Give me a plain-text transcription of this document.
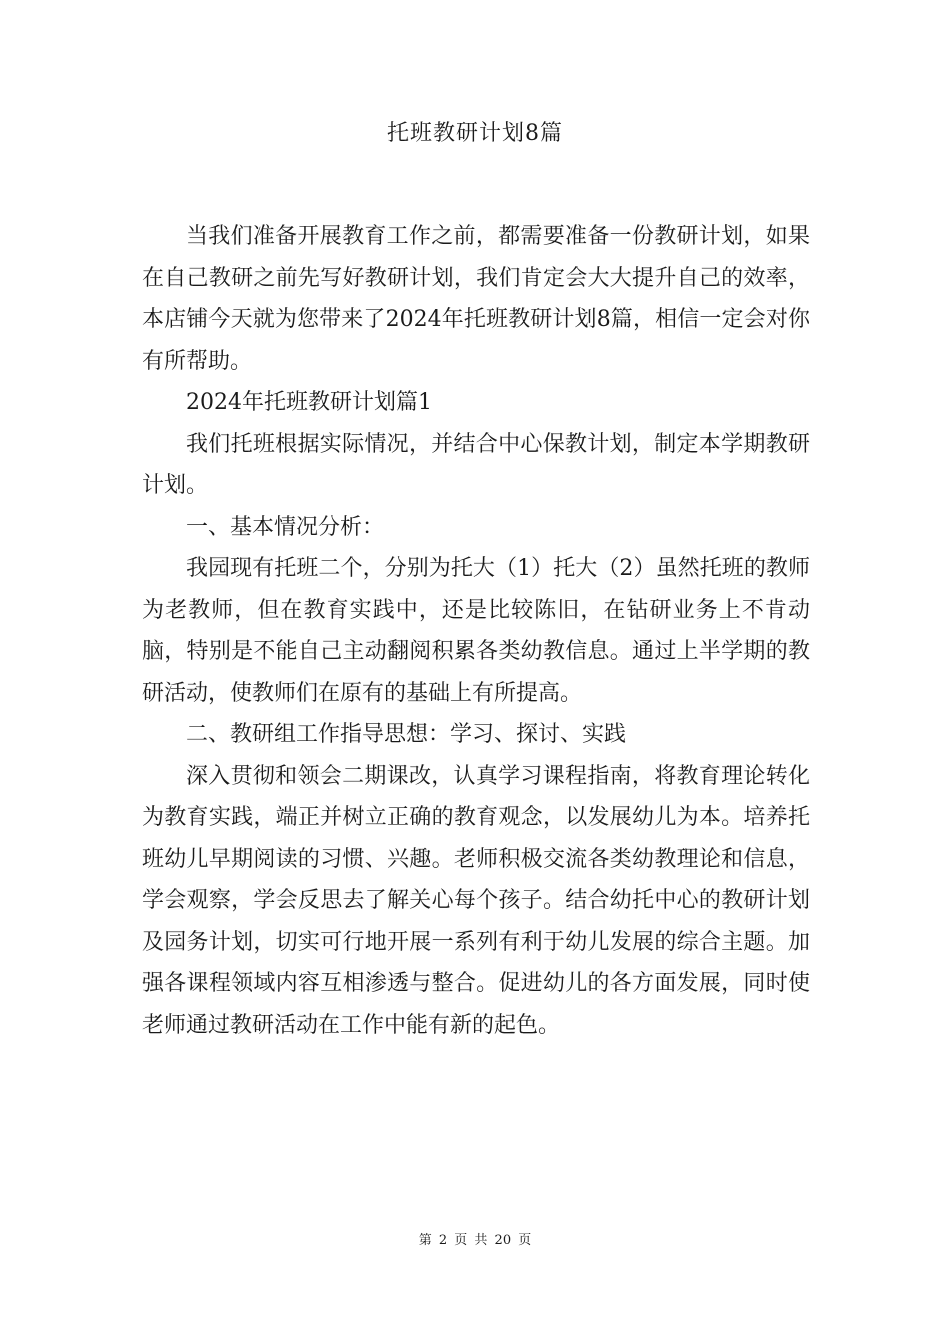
托班教研计划8篇

当我们准备开展教育工作之前，都需要准备一份教研计划，如果在自己教研之前先写好教研计划，我们肯定会大大提升自己的效率，本店铺今天就为您带来了2024年托班教研计划8篇，相信一定会对你有所帮助。

2024年托班教研计划篇1

我们托班根据实际情况，并结合中心保教计划，制定本学期教研计划。

一、基本情况分析：

我园现有托班二个，分别为托大（1）托大（2）虽然托班的教师为老教师，但在教育实践中，还是比较陈旧，在钻研业务上不肯动脑，特别是不能自己主动翻阅积累各类幼教信息。通过上半学期的教研活动，使教师们在原有的基础上有所提高。

二、教研组工作指导思想：学习、探讨、实践

深入贯彻和领会二期课改，认真学习课程指南，将教育理论转化为教育实践，端正并树立正确的教育观念，以发展幼儿为本。培养托班幼儿早期阅读的习惯、兴趣。老师积极交流各类幼教理论和信息，学会观察，学会反思去了解关心每个孩子。结合幼托中心的教研计划及园务计划，切实可行地开展一系列有利于幼儿发展的综合主题。加强各课程领域内容互相渗透与整合。促进幼儿的各方面发展，同时使老师通过教研活动在工作中能有新的起色。

第 2 页 共 20 页
